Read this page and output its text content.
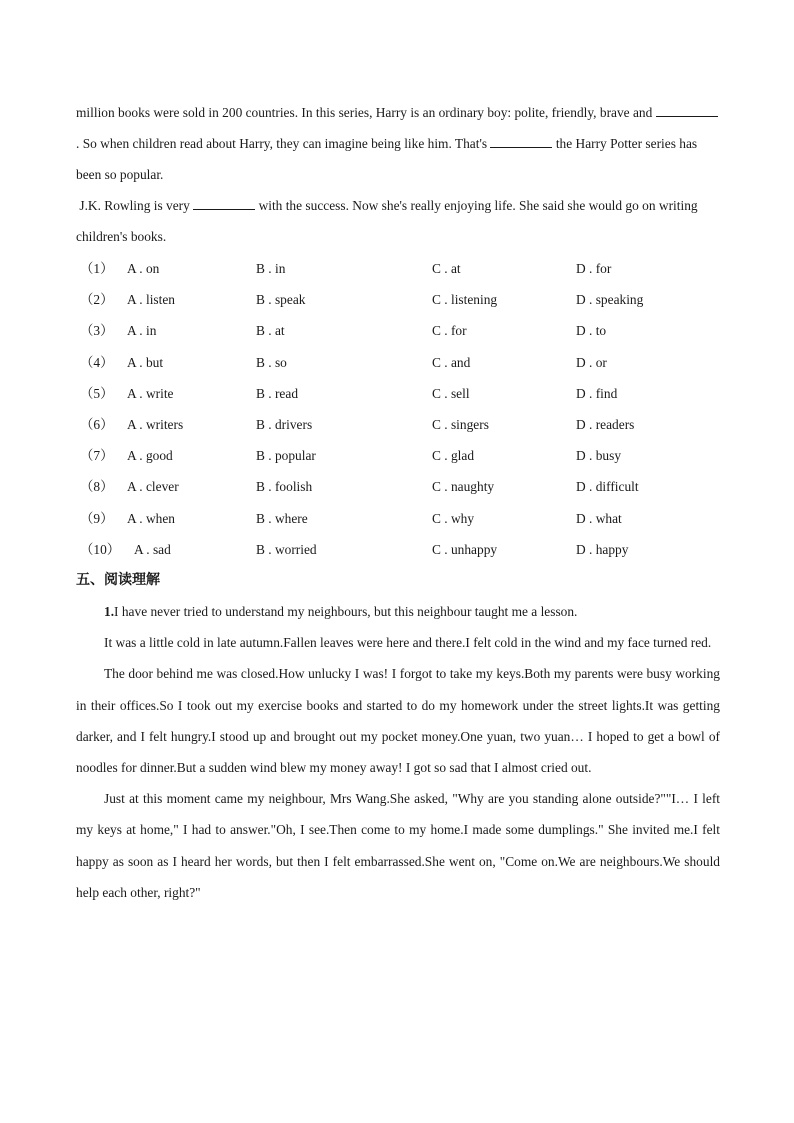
million books were sold in 200 countries. In this series, Harry is an ordinary boy: polite, friendly, brave and . So when children read about Harry, they can imagine being like him. That's	the Harry Potter series has been so popular.
J.K. Rowling is very	with the success. Now she's really enjoying life. She said she would go on writing children's books.
（1） A . on	B . in	C . at	D . for
（2） A . listen	B . speak	C . listening	D . speaking
（3） A . in	B . at	C . for	D . to
（4） A . but	B . so	C . and	D . or
（5） A . write	B . read	C . sell	D . find
（6） A . writers	B . drivers	C . singers	D . readers
（7） A . good	B . popular	C . glad	D . busy
（8） A . clever	B . foolish	C . naughty	D . difficult
（9） A . when	B . where	C . why	D . what
（10） A . sad	B . worried	C . unhappy	D . happy
五、阅读理解

1.I have never tried to understand my neighbours, but this neighbour taught me a lesson.

It was a little cold in late autumn.Fallen leaves were here and there.I felt cold in the wind and my face turned red.

The door behind me was closed.How unlucky I was! I forgot to take my keys.Both my parents were busy working in their offices.So I took out my exercise books and started to do my homework under the street lights.It was getting darker, and I felt hungry.I stood up and brought out my pocket money.One yuan, two yuan… I hoped to get a bowl of noodles for dinner.But a sudden wind blew my money away! I got so sad that I almost cried out.

Just at this moment came my neighbour, Mrs Wang.She asked, "Why are you standing alone outside?""I… I left my keys at home," I had to answer."Oh, I see.Then come to my home.I made some dumplings." She invited me.I felt happy as soon as I heard her words, but then I felt embarrassed.She went on, "Come on.We are neighbours.We should help each other, right?"
